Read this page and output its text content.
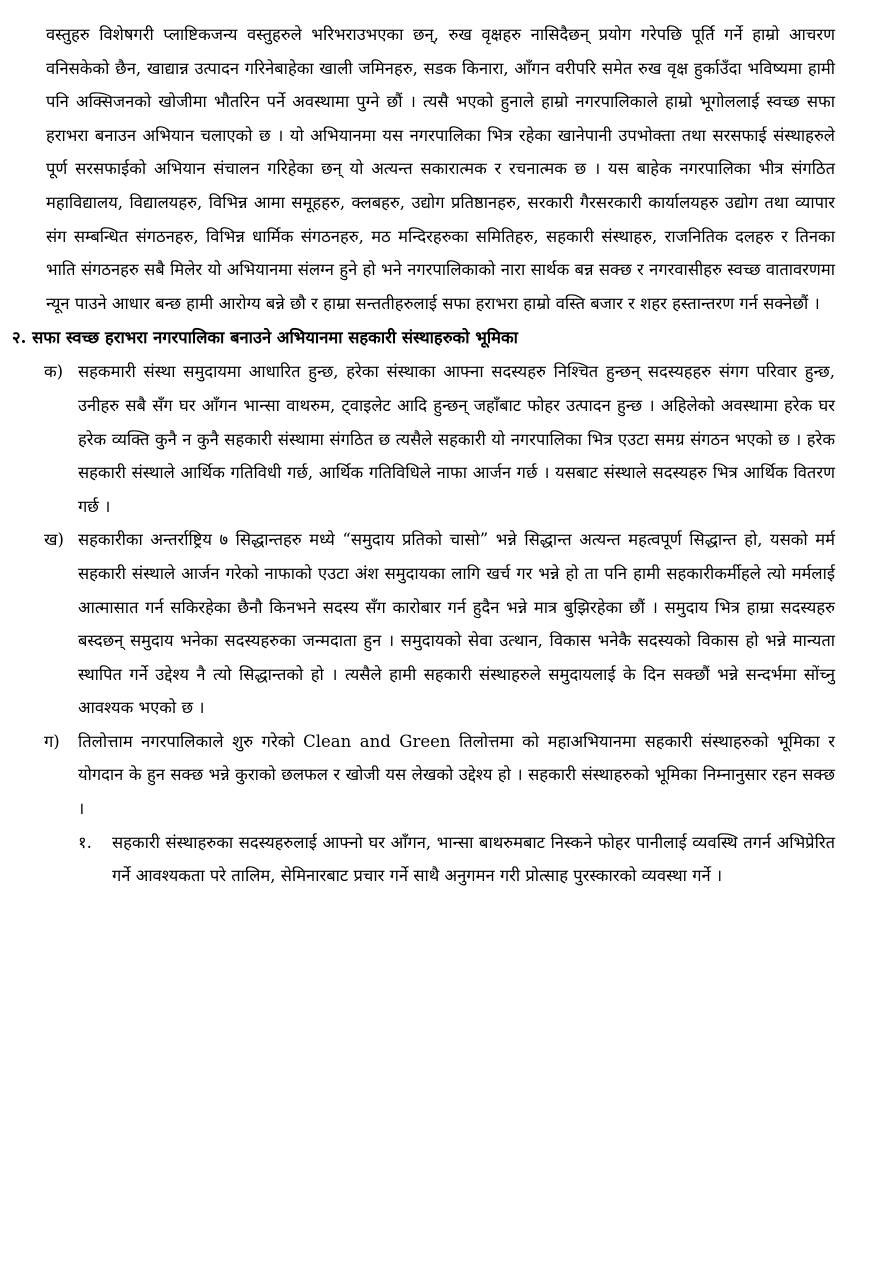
वस्तुहरु विशेषगरी प्लाष्टिकजन्य वस्तुहरुले भरिभराउभएका छन्, रुख वृक्षहरु नासिदैछन् प्रयोग गरेपछि पूर्ति गर्ने हाम्रो आचरण वनिसकेको छैन, खाद्यान्न उत्पादन गरिनेबाहेका खाली जमिनहरु, सडक किनारा, आँगन वरीपरि समेत रुख वृक्ष हुर्काउँदा भविष्यमा हामी पनि अक्सिजनको खोजीमा भौतरिन पर्ने अवस्थामा पुग्ने छौं । त्यसै भएको हुनाले हाम्रो नगरपालिकाले हाम्रो भूगोललाई स्वच्छ सफा हराभरा बनाउन अभियान चलाएको छ । यो अभियानमा यस नगरपालिका भित्र रहेका खानेपानी उपभोक्ता तथा सरसफाई संस्थाहरुले पूर्ण सरसफाईको अभियान संचालन गरिहेका छन् यो अत्यन्त सकारात्मक र रचनात्मक छ । यस बाहेक नगरपालिका भीत्र संगठित महाविद्यालय, विद्यालयहरु, विभिन्न आमा समूहहरु, क्लबहरु, उद्योग प्रतिष्ठानहरु, सरकारी गैरसरकारी कार्यालयहरु उद्योग तथा व्यापार संग सम्बन्धित संगठनहरु, विभिन्न धार्मिक संगठनहरु, मठ मन्दिरहरुका समितिहरु, सहकारी संस्थाहरु, राजनितिक दलहरु र तिनका भाति संगठनहरु सबै मिलेर यो अभियानमा संलग्न हुने हो भने नगरपालिकाको नारा सार्थक बन्न सक्छ र नगरवासीहरु स्वच्छ वातावरणमा न्यून पाउने आधार बन्छ हामी आरोग्य बन्ने छौ र हाम्रा सन्ततीहरुलाई सफा हराभरा हाम्रो वस्ति बजार र शहर हस्तान्तरण गर्न सक्नेछौं ।

२. सफा स्वच्छ हराभरा नगरपालिका बनाउने अभियानमा सहकारी संस्थाहरुको भूमिका
क) सहकमारी संस्था समुदायमा आधारित हुन्छ, हरेका संस्थाका आफ्ना सदस्यहरु निश्चित हुन्छन् सदस्यहहरु संगग परिवार हुन्छ, उनीहरु सबै सँग घर आँगन भान्सा वाथरुम, ट्वाइलेट आदि हुन्छन् जहाँबाट फोहर उत्पादन हुन्छ । अहिलेको अवस्थामा हरेक घर हरेक व्यक्ति कुनै न कुनै सहकारी संस्थामा संगठित छ त्यसैले सहकारी यो नगरपालिका भित्र एउटा समग्र संगठन भएको छ । हरेक सहकारी संस्थाले आर्थिक गतिविधी गर्छ, आर्थिक गतिविधिले नाफा आर्जन गर्छ । यसबाट संस्थाले सदस्यहरु भित्र आर्थिक वितरण गर्छ ।
ख) सहकारीका अन्तर्राष्ट्रिय ७ सिद्धान्तहरु मध्ये “समुदाय प्रतिको चासो” भन्ने सिद्धान्त अत्यन्त महत्वपूर्ण सिद्धान्त हो, यसको मर्म सहकारी संस्थाले आर्जन गरेको नाफाको एउटा अंश समुदायका लागि खर्च गर भन्ने हो ता पनि हामी सहकारीकर्मीहले त्यो मर्मलाई आत्मासात गर्न सकिरहेका छैनौ किनभने सदस्य सँग कारोबार गर्न हुदैन भन्ने मात्र बुझिरहेका छौं । समुदाय भित्र हाम्रा सदस्यहरु बस्दछन् समुदाय भनेका सदस्यहरुका जन्मदाता हुन । समुदायको सेवा उत्थान, विकास भनेकै सदस्यको विकास हो भन्ने मान्यता स्थापित गर्ने उद्देश्य नै त्यो सिद्धान्तको हो । त्यसैले हामी सहकारी संस्थाहरुले समुदायलाई के दिन सक्छौं भन्ने सन्दर्भमा सोंच्नु आवश्यक भएको छ ।
ग)	तिलोत्ताम नगरपालिकाले शुरु गरेको Clean and Green तिलोत्तमा को महाअभियानमा सहकारी संस्थाहरुको भूमिका र योगदान के हुन सक्छ भन्ने कुराको छलफल र खोजी यस लेखको उद्देश्य हो । सहकारी संस्थाहरुको भूमिका निम्नानुसार रहन सक्छ ।
१.	सहकारी संस्थाहरुका सदस्यहरुलाई आफ्नो घर आँगन, भान्सा बाथरुमबाट निस्कने फोहर पानीलाई व्यवस्थि तगर्न अभिप्रेरित गर्ने आवश्यकता परे तालिम, सेमिनारबाट प्रचार गर्ने साथै अनुगमन गरी प्रोत्साह पुरस्कारको व्यवस्था गर्ने ।
